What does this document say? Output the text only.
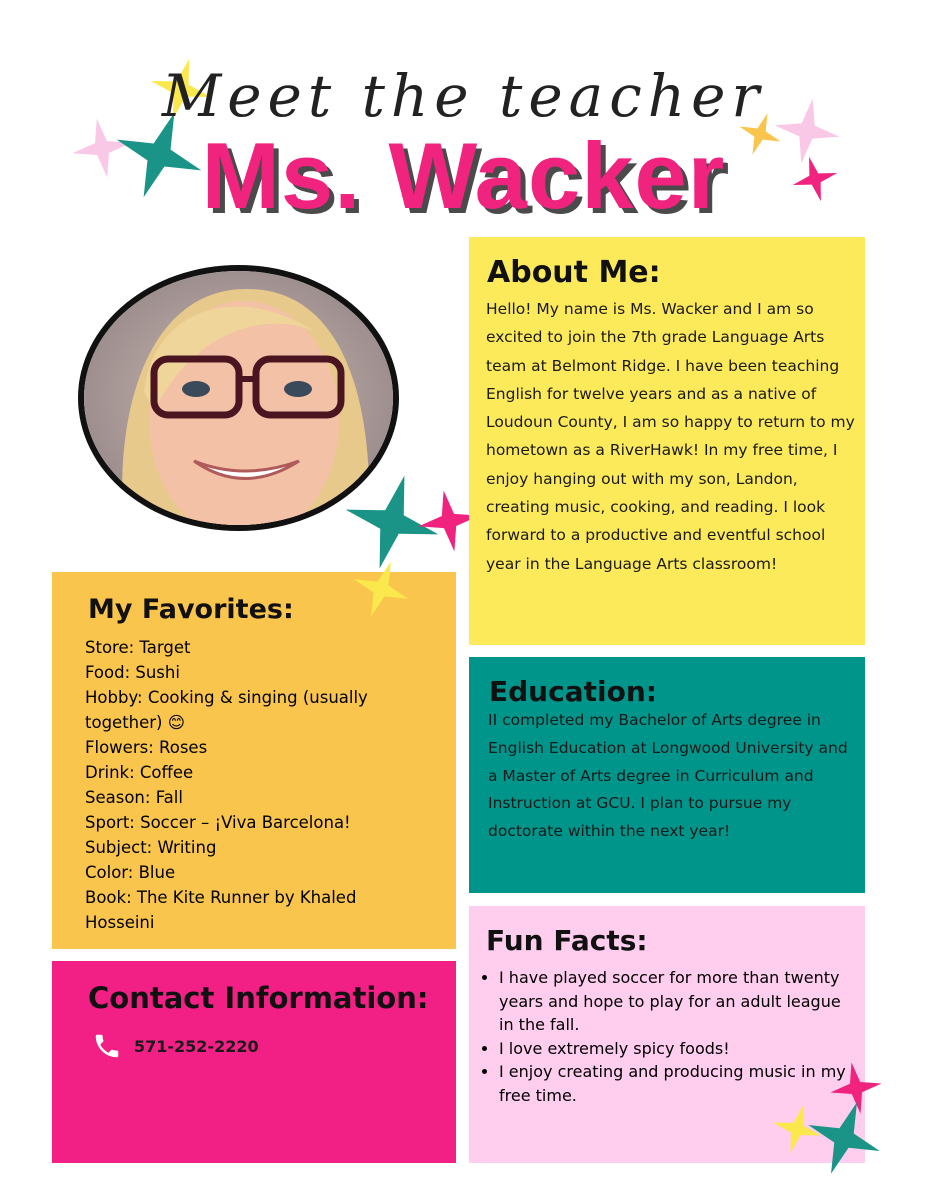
Meet the teacher
Ms. Wacker
About Me:
Hello! My name is Ms. Wacker and I am so excited to join the 7th grade Language Arts team at Belmont Ridge. I have been teaching English for twelve years and as a native of Loudoun County, I am so happy to return to my hometown as a RiverHawk! In my free time, I enjoy hanging out with my son, Landon, creating music, cooking, and reading. I look forward to a productive and eventful school year in the Language Arts classroom!
Education:
II completed my Bachelor of Arts degree in English Education at Longwood University and a Master of Arts degree in Curriculum and Instruction at GCU. I plan to pursue my doctorate within the next year!
My Favorites:
Store: Target
Food: Sushi
Hobby: Cooking & singing (usually together) 😊
Flowers: Roses
Drink: Coffee
Season: Fall
Sport: Soccer – ¡Viva Barcelona!
Subject: Writing
Color: Blue
Book: The Kite Runner by Khaled Hosseini
Fun Facts:
• I have played soccer for more than twenty years and hope to play for an adult league in the fall.
• I love extremely spicy foods!
• I enjoy creating and producing music in my free time.
Contact Information:
571-252-2220
